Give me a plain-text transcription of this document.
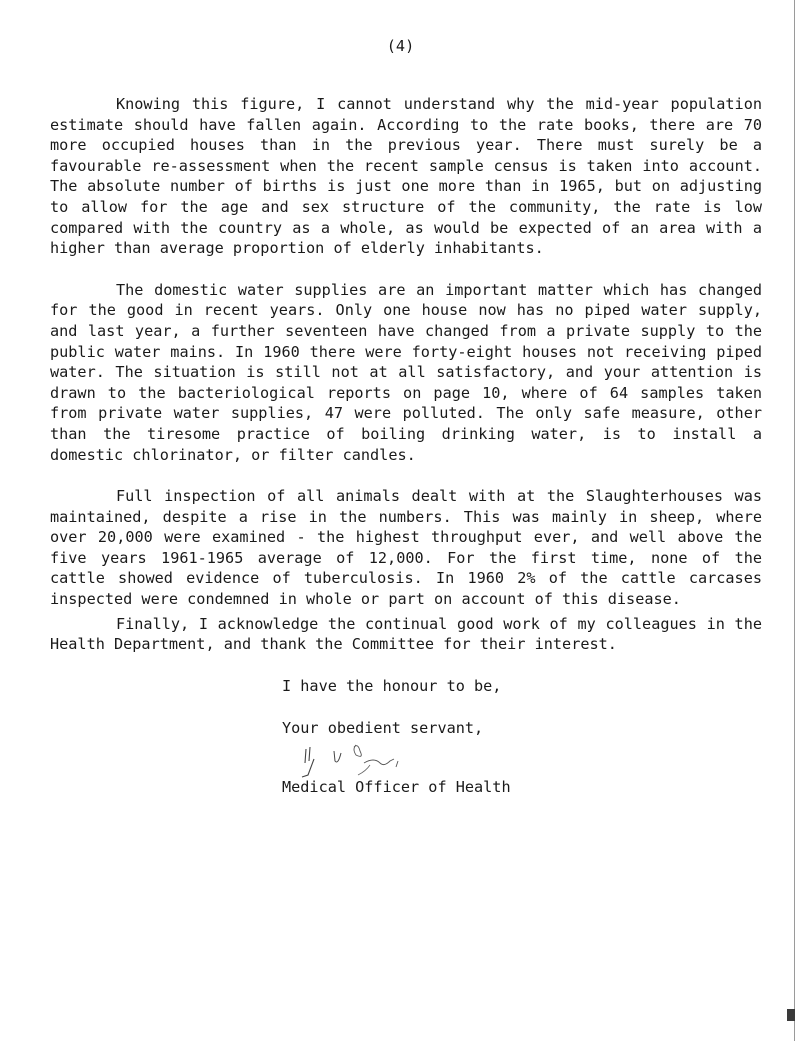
(4)

Knowing this figure, I cannot understand why the mid-year population estimate should have fallen again. According to the rate books, there are 70 more occupied houses than in the previous year. There must surely be a favourable re-assessment when the recent sample census is taken into account. The absolute number of births is just one more than in 1965, but on adjusting to allow for the age and sex structure of the community, the rate is low compared with the country as a whole, as would be expected of an area with a higher than average proportion of elderly inhabitants.

The domestic water supplies are an important matter which has changed for the good in recent years. Only one house now has no piped water supply, and last year, a further seventeen have changed from a private supply to the public water mains. In 1960 there were forty-eight houses not receiving piped water. The situation is still not at all satisfactory, and your attention is drawn to the bacteriological reports on page 10, where of 64 samples taken from private water supplies, 47 were polluted. The only safe measure, other than the tiresome practice of boiling drinking water, is to install a domestic chlorinator, or filter candles.

Full inspection of all animals dealt with at the Slaughterhouses was maintained, despite a rise in the numbers. This was mainly in sheep, where over 20,000 were examined - the highest throughput ever, and well above the five years 1961-1965 average of 12,000. For the first time, none of the cattle showed evidence of tuberculosis. In 1960 2% of the cattle carcases inspected were condemned in whole or part on account of this disease.

Finally, I acknowledge the continual good work of my colleagues in the Health Department, and thank the Committee for their interest.

I have the honour to be,

Your obedient servant,

Medical Officer of Health
